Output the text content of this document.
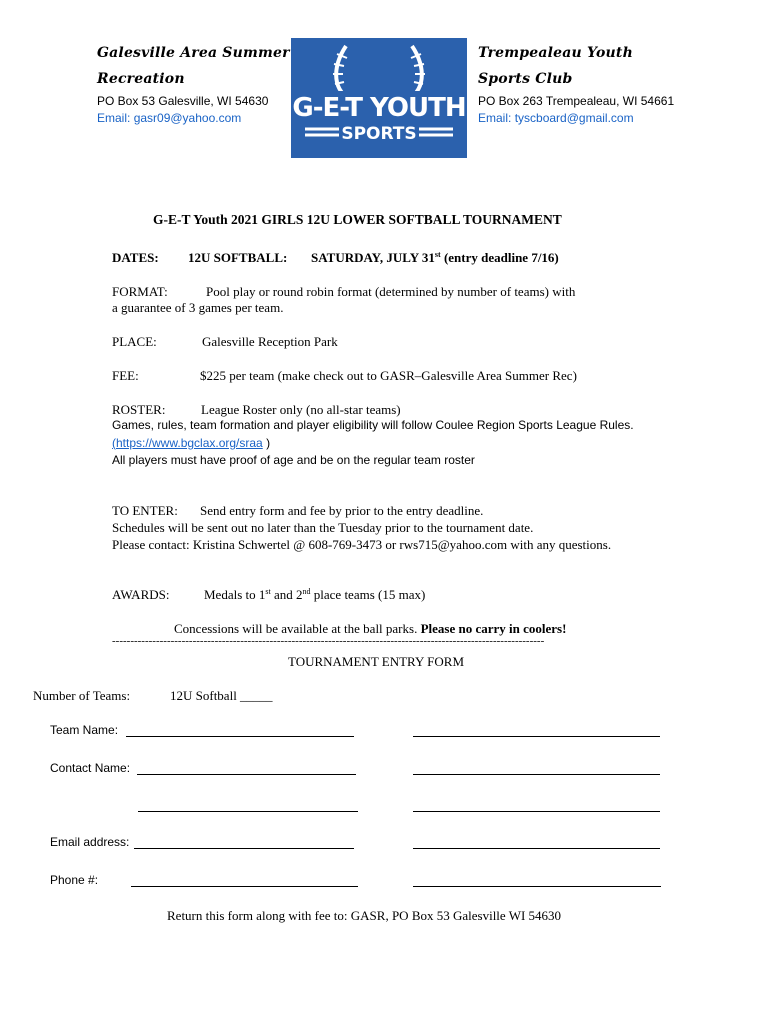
Galesville Area Summer
Recreation
PO Box 53 Galesville, WI 54630
Email: gasr09@yahoo.com G-E-T YOUTH
SPORTS
Trempealeau Youth
Sports Club
PO Box 263 Trempealeau, WI 54661
Email: tyscboard@gmail.com
G-E-T Youth 2021 GIRLS 12U LOWER SOFTBALL TOURNAMENT
DATES: 12U SOFTBALL: SATURDAY, JULY 31st (entry deadline 7/16)
FORMAT:	Pool play or round robin format (determined by number of teams) with
a guarantee of 3 games per team.
PLACE:	Galesville Reception Park
FEE:	$225 per team (make check out to GASR–Galesville Area Summer Rec)
ROSTER:	League Roster only (no all-star teams)
Games, rules, team formation and player eligibility will follow Coulee Region Sports League Rules.
(https://www.bgclax.org/sraa )
All players must have proof of age and be on the regular team roster
TO ENTER: Send entry form and fee by prior to the entry deadline.
Schedules will be sent out no later than the Tuesday prior to the tournament date.
Please contact: Kristina Schwertel @ 608-769-3473 or rws715@yahoo.com with any questions.
AWARDS:	Medals to 1st and 2nd place teams (15 max)
Concessions will be available at the ball parks. Please no carry in coolers!
----------------------------------------------------------------------------------------------------------------------
TOURNAMENT ENTRY FORM
Number of Teams:	12U Softball _____
Team Name:
Contact Name:
Email address:
Phone #:
Return this form along with fee to: GASR, PO Box 53 Galesville WI 54630
